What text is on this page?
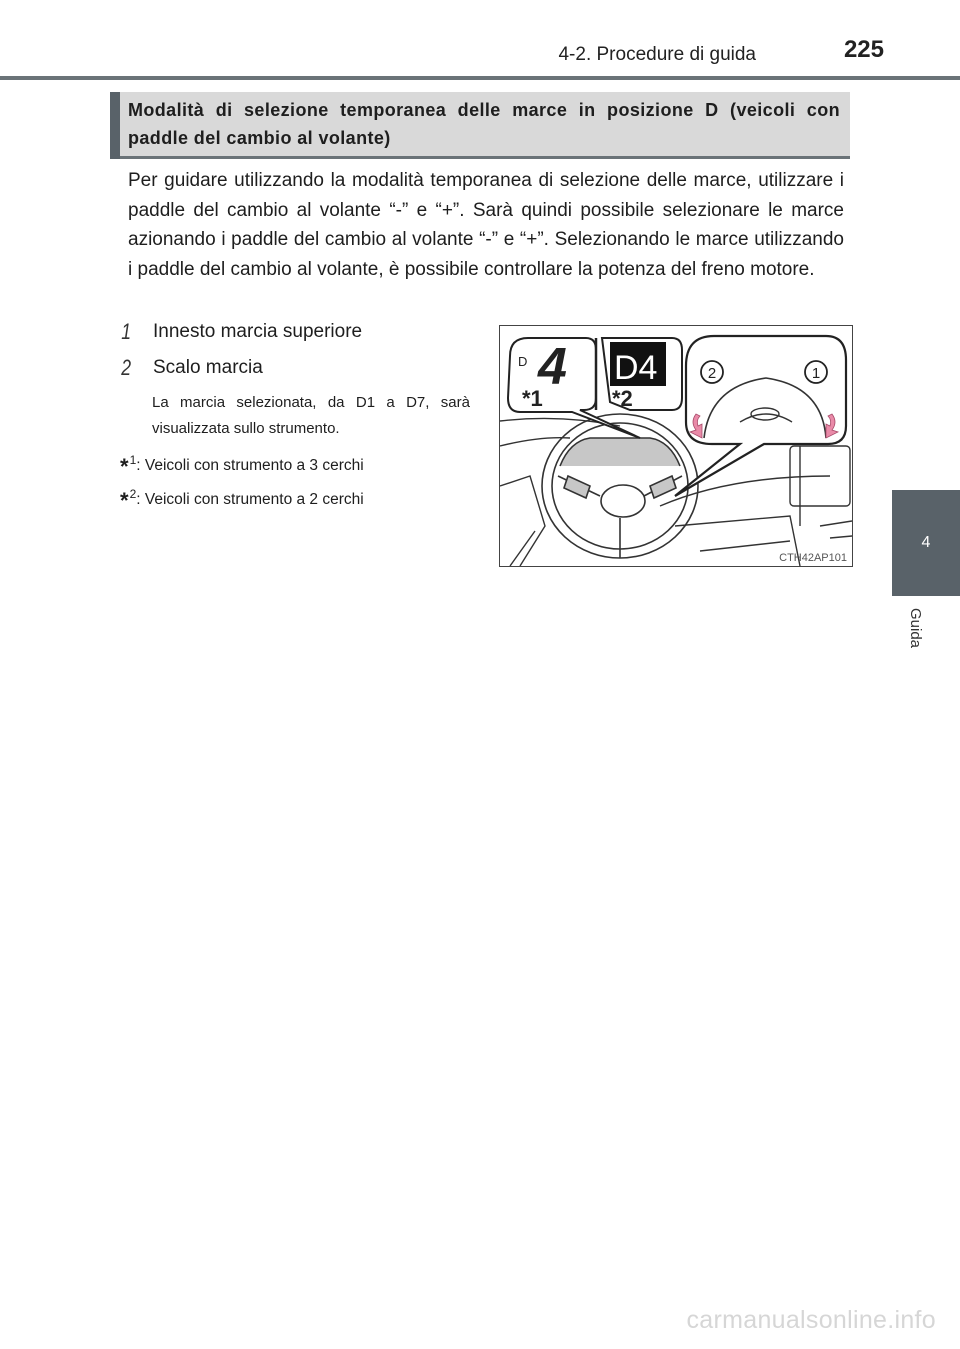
4-2. Procedure di guida	225
4
Guida
Modalità di selezione temporanea delle marce in posizione D (veicoli con paddle del cambio al volante)
Per guidare utilizzando la modalità temporanea di selezione delle marce, utilizzare i paddle del cambio al volante “-” e “+”. Sarà quindi possibile selezionare le marce azionando i paddle del cambio al volante “-” e “+”. Selezionando le marce utilizzando i paddle del cambio al volante, è possibile controllare la potenza del freno motore.
1	Innesto marcia superiore
2	Scalo marcia
La marcia selezionata, da D1 a D7, sarà visualizzata sullo strumento.
*$^1$: Veicoli con strumento a 3 cerchi
*$^2$: Veicoli con strumento a 2 cerchi
D 4
*1
D4
*2
2	1
CTH42AP101
carmanualsonline.info
